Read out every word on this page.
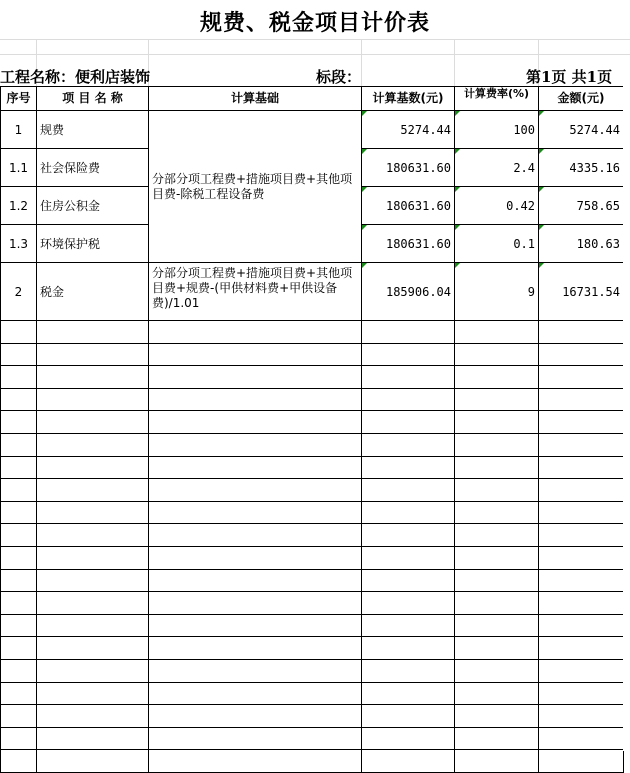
规费、税金项目计价表
工程名称：便利店装饰	标段：	第1页 共1页
序号	项 目 名 称	计算基础	计算基数(元)	计算费率(%)	金额(元)
1	规费	分部分项工程费+措施项目费+其他项目费-除税工程设备费	5274.44	100	5274.44
1.1	社会保险费		180631.60	2.4	4335.16
1.2	住房公积金		180631.60	0.42	758.65
1.3	环境保护税		180631.60	0.1	180.63
2	税金	分部分项工程费+措施项目费+其他项目费+规费-(甲供材料费+甲供设备费)/1.01	185906.04	9	16731.54
